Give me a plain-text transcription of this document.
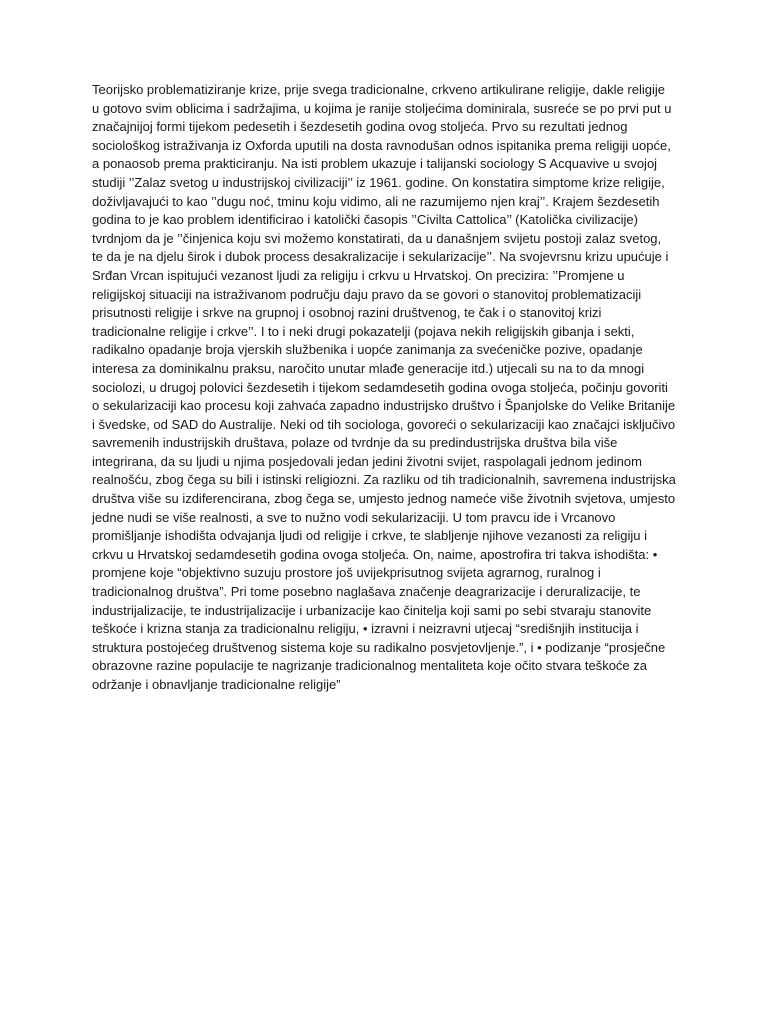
Teorijsko problematiziranje krize, prije svega tradicionalne, crkveno artikulirane religije, dakle religije
u gotovo svim oblicima i sadržajima, u kojima je ranije stoljećima dominirala, susreće se po prvi put u
značajnijoj formi tijekom pedesetih i šezdesetih godina ovog stoljeća. Prvo su rezultati jednog
sociološkog istraživanja iz Oxforda uputili na dosta ravnodušan odnos ispitanika prema religiji uopće,
a ponaosob prema prakticiranju. Na isti problem ukazuje i talijanski sociology S Acquavive u svojoj
studiji ’’Zalaz svetog u industrijskoj civilizaciji’’ iz 1961. godine. On konstatira simptome krize religije,
doživljavajući to kao ’’dugu noć, tminu koju vidimo, ali ne razumijemo njen kraj’’. Krajem šezdesetih
godina to je kao problem identificirao i katolički časopis ’’Civilta Cattolica’’ (Katolička civilizacije)
tvrdnjom da je ’’činjenica koju svi možemo konstatirati, da u današnjem svijetu postoji zalaz svetog,
te da je na djelu širok i dubok process desakralizacije i sekularizacije’’. Na svojevrsnu krizu upućuje i
Srđan Vrcan ispitujući vezanost ljudi za religiju i crkvu u Hrvatskoj. On precizira: ’’Promjene u
religijskoj situaciji na istraživanom području daju pravo da se govori o stanovitoj problematizaciji
prisutnosti religije i srkve na grupnoj i osobnoj razini društvenog, te čak i o stanovitoj krizi
tradicionalne religije i crkve’’. I to i neki drugi pokazatelji (pojava nekih religijskih gibanja i sekti,
radikalno opadanje broja vjerskih službenika i uopće zanimanja za svećeničke pozive, opadanje
interesa za dominikalnu praksu, naročito unutar mlađe generacije itd.) utjecali su na to da mnogi
sociolozi, u drugoj polovici šezdesetih i tijekom sedamdesetih godina ovoga stoljeća, počinju govoriti
o sekularizaciji kao procesu koji zahvaća zapadno industrijsko društvo i Španjolske do Velike Britanije
i švedske, od SAD do Australije. Neki od tih sociologa, govoreći o sekularizaciji kao značajci isključivo
savremenih industrijskih društava, polaze od tvrdnje da su predindustrijska društva bila više
integrirana, da su ljudi u njima posjedovali jedan jedini životni svijet, raspolagali jednom jedinom
realnošću, zbog čega su bili i istinski religiozni. Za razliku od tih tradicionalnih, savremena industrijska
društva više su izdiferencirana, zbog čega se, umjesto jednog nameće više životnih svjetova, umjesto
jedne nudi se više realnosti, a sve to nužno vodi sekularizaciji. U tom pravcu ide i Vrcanovo
promišljanje ishodišta odvajanja ljudi od religije i crkve, te slabljenje njihove vezanosti za religiju i
crkvu u Hrvatskoj sedamdesetih godina ovoga stoljeća. On, naime, apostrofira tri takva ishodišta: •
promjene koje “objektivno suzuju prostore još uvijekprisutnog svijeta agrarnog, ruralnog i
tradicionalnog društva”. Pri tome posebno naglašava značenje deagrarizacije i deruralizacije, te
industrijalizacije, te industrijalizacije i urbanizacije kao činitelja koji sami po sebi stvaraju stanovite
teškoće i krizna stanja za tradicionalnu religiju, • izravni i neizravni utjecaj “središnjih institucija i
struktura postojećeg društvenog sistema koje su radikalno posvjetovljenje.”, i • podizanje “prosječne
obrazovne razine populacije te nagrizanje tradicionalnog mentaliteta koje očito stvara teškoće za
održanje i obnavljanje tradicionalne religije”
